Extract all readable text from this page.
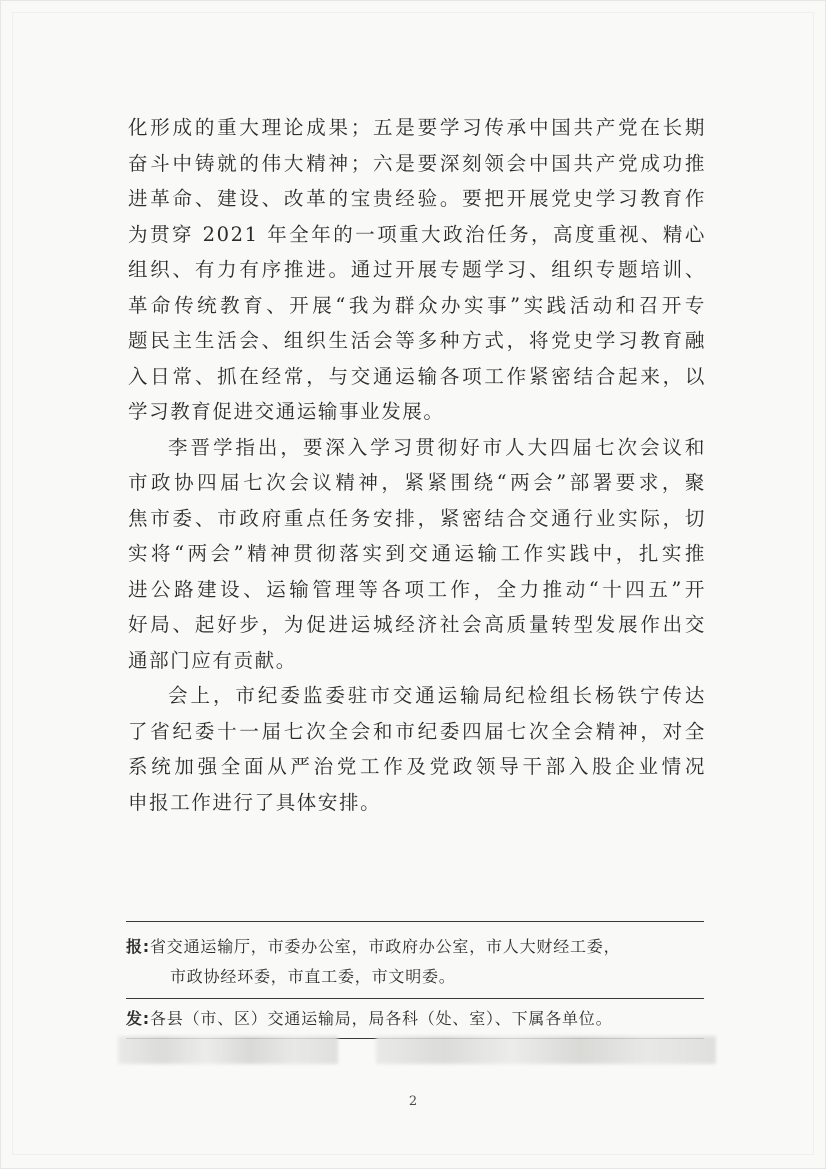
化形成的重大理论成果；五是要学习传承中国共产党在长期
奋斗中铸就的伟大精神；六是要深刻领会中国共产党成功推
进革命、建设、改革的宝贵经验。要把开展党史学习教育作
为贯穿 2021 年全年的一项重大政治任务，高度重视、精心
组织、有力有序推进。通过开展专题学习、组织专题培训、
革命传统教育、开展“我为群众办实事”实践活动和召开专
题民主生活会、组织生活会等多种方式，将党史学习教育融
入日常、抓在经常，与交通运输各项工作紧密结合起来，以
学习教育促进交通运输事业发展。
李晋学指出，要深入学习贯彻好市人大四届七次会议和
市政协四届七次会议精神，紧紧围绕“两会”部署要求，聚
焦市委、市政府重点任务安排，紧密结合交通行业实际，切
实将“两会”精神贯彻落实到交通运输工作实践中，扎实推
进公路建设、运输管理等各项工作，全力推动“十四五”开
好局、起好步，为促进运城经济社会高质量转型发展作出交
通部门应有贡献。
会上，市纪委监委驻市交通运输局纪检组长杨铁宁传达
了省纪委十一届七次全会和市纪委四届七次全会精神，对全
系统加强全面从严治党工作及党政领导干部入股企业情况
申报工作进行了具体安排。
报:省交通运输厅，市委办公室，市政府办公室，市人大财经工委，
市政协经环委，市直工委，市文明委。
发:各县（市、区）交通运输局，局各科（处、室）、下属各单位。
2
